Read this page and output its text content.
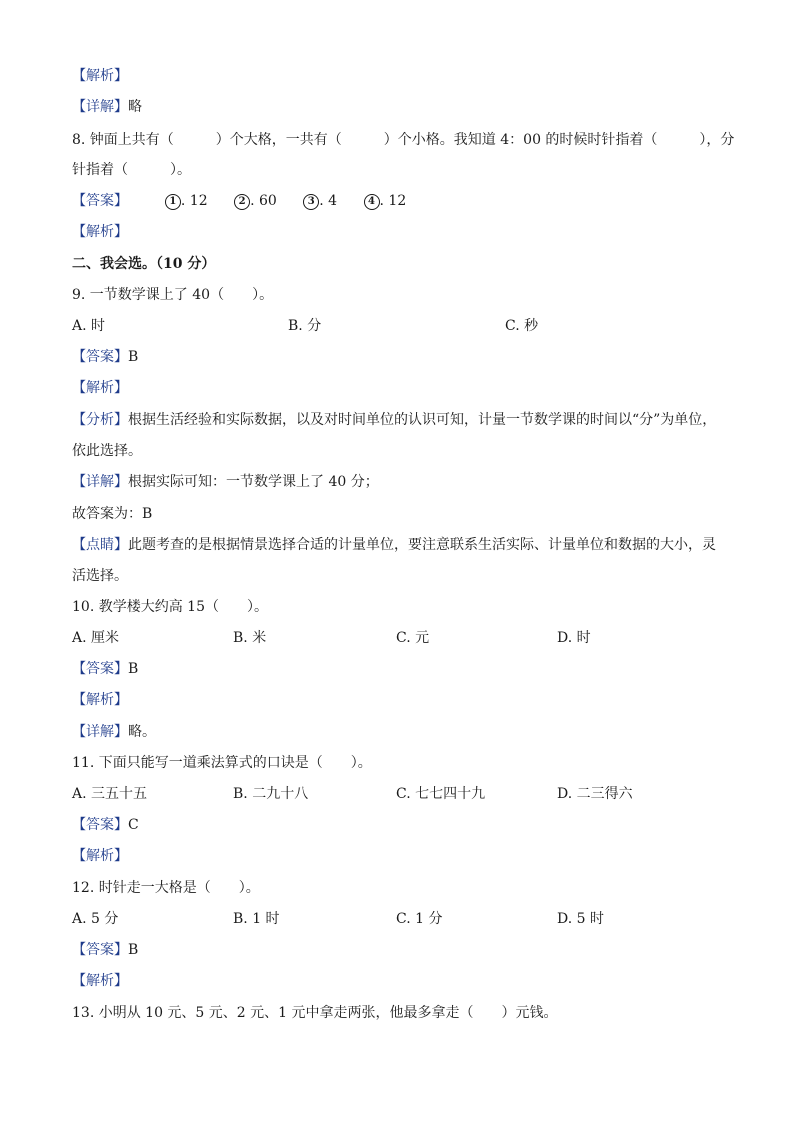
【解析】
【详解】略
8. 钟面上共有（　　　）个大格，一共有（　　　）个小格。我知道 4：00 的时候时针指着（　　　），分
针指着（　　　）。
【答案】	1 . 12	2 . 60	3 . 4	4 . 12
【解析】
二、我会选。（10 分）
9. 一节数学课上了 40（　　）。
A. 时	B. 分	C. 秒
【答案】B
【解析】
【分析】根据生活经验和实际数据，以及对时间单位的认识可知，计量一节数学课的时间以“分”为单位，
依此选择。
【详解】根据实际可知：一节数学课上了 40 分；
故答案为：B
【点睛】此题考查的是根据情景选择合适的计量单位，要注意联系生活实际、计量单位和数据的大小，灵
活选择。
10. 教学楼大约高 15（　　）。
A. 厘米	B. 米	C. 元	D. 时
【答案】B
【解析】
【详解】略。
11. 下面只能写一道乘法算式的口诀是（　　）。
A. 三五十五	B. 二九十八	C. 七七四十九	D. 二三得六
【答案】C
【解析】
12. 时针走一大格是（　　）。
A. 5 分	B. 1 时	C. 1 分	D. 5 时
【答案】B
【解析】
13. 小明从 10 元、5 元、2 元、1 元中拿走两张，他最多拿走（　　）元钱。
